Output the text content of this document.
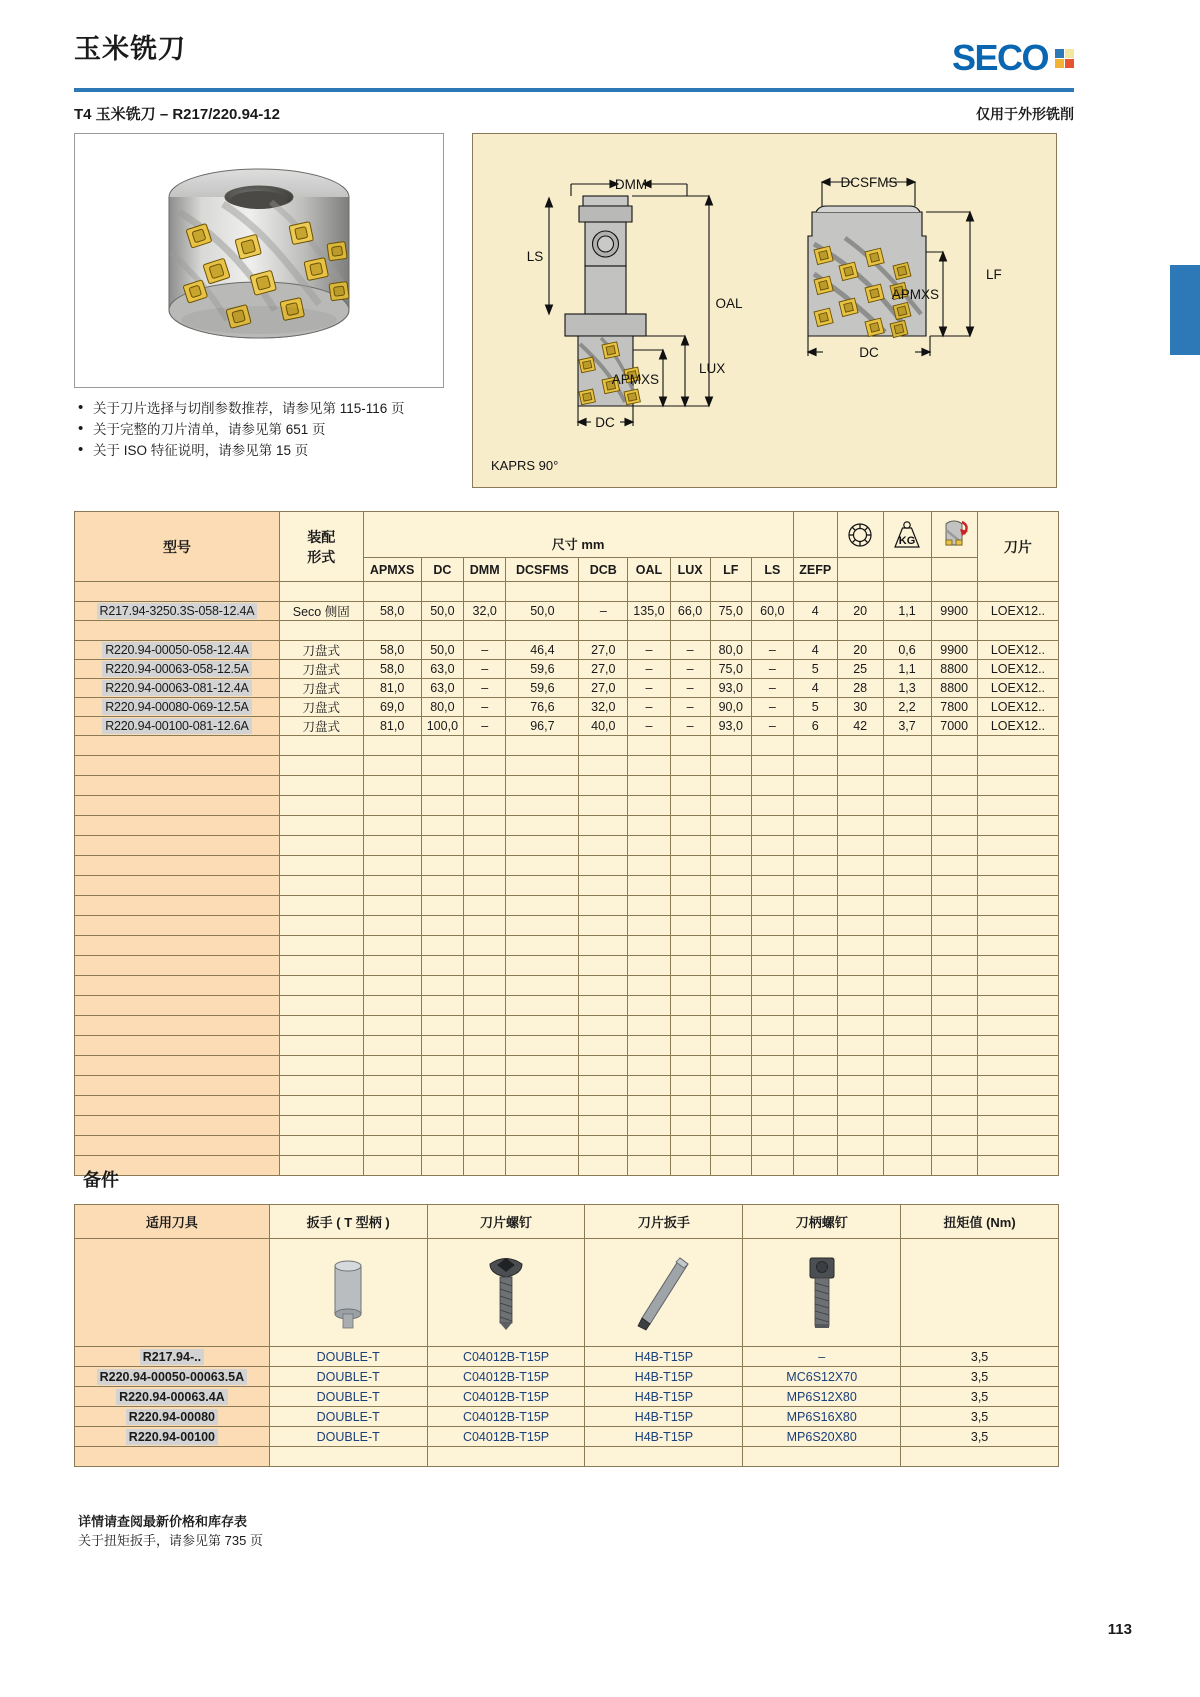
玉米铣刀	SECO
T4 玉米铣刀 – R217/220.94-12	仅用于外形铣削
• 关于刀片选择与切削参数推荐，请参见第 115-116 页
• 关于完整的刀片清单，请参见第 651 页
• 关于 ISO 特征说明，请参见第 15 页
DMM
LS
OAL
LUX
APMXS
DC
DCSFMS
LF
APMXS
DC
KAPRS 90°
型号	装配
形式	尺寸 mm											KG		刀片

		APMXS	DC	DMM	DCSFMS	DCB	OAL	LUX	LF	LS	ZEFP				

R217.94-3250.3S-058-12.4A	Seco 侧固	58,0	50,0	32,0	50,0	–	135,0	66,0	75,0	60,0	4	20	1,1	9900	LOEX12..

R220.94-00050-058-12.4A	刀盘式	58,0	50,0	–	46,4	27,0	–	–	80,0	–	4	20	0,6	9900	LOEX12..
R220.94-00063-058-12.5A	刀盘式	58,0	63,0	–	59,6	27,0	–	–	75,0	–	5	25	1,1	8800	LOEX12..
R220.94-00063-081-12.4A	刀盘式	81,0	63,0	–	59,6	27,0	–	–	93,0	–	4	28	1,3	8800	LOEX12..
R220.94-00080-069-12.5A	刀盘式	69,0	80,0	–	76,6	32,0	–	–	90,0	–	5	30	2,2	7800	LOEX12..
R220.94-00100-081-12.6A	刀盘式	81,0	100,0	–	96,7	40,0	–	–	93,0	–	6	42	3,7	7000	LOEX12..

备件
适用刀具	扳手 ( T 型柄 )	刀片螺钉	刀片扳手	刀柄螺钉	扭矩值 (Nm)

R217.94-..	DOUBLE-T	C04012B-T15P	H4B-T15P	–	3,5
R220.94-00050-00063.5A	DOUBLE-T	C04012B-T15P	H4B-T15P	MC6S12X70	3,5
R220.94-00063.4A	DOUBLE-T	C04012B-T15P	H4B-T15P	MP6S12X80	3,5
R220.94-00080	DOUBLE-T	C04012B-T15P	H4B-T15P	MP6S16X80	3,5
R220.94-00100	DOUBLE-T	C04012B-T15P	H4B-T15P	MP6S20X80	3,5

详情请查阅最新价格和库存表
关于扭矩扳手，请参见第 735 页
113
